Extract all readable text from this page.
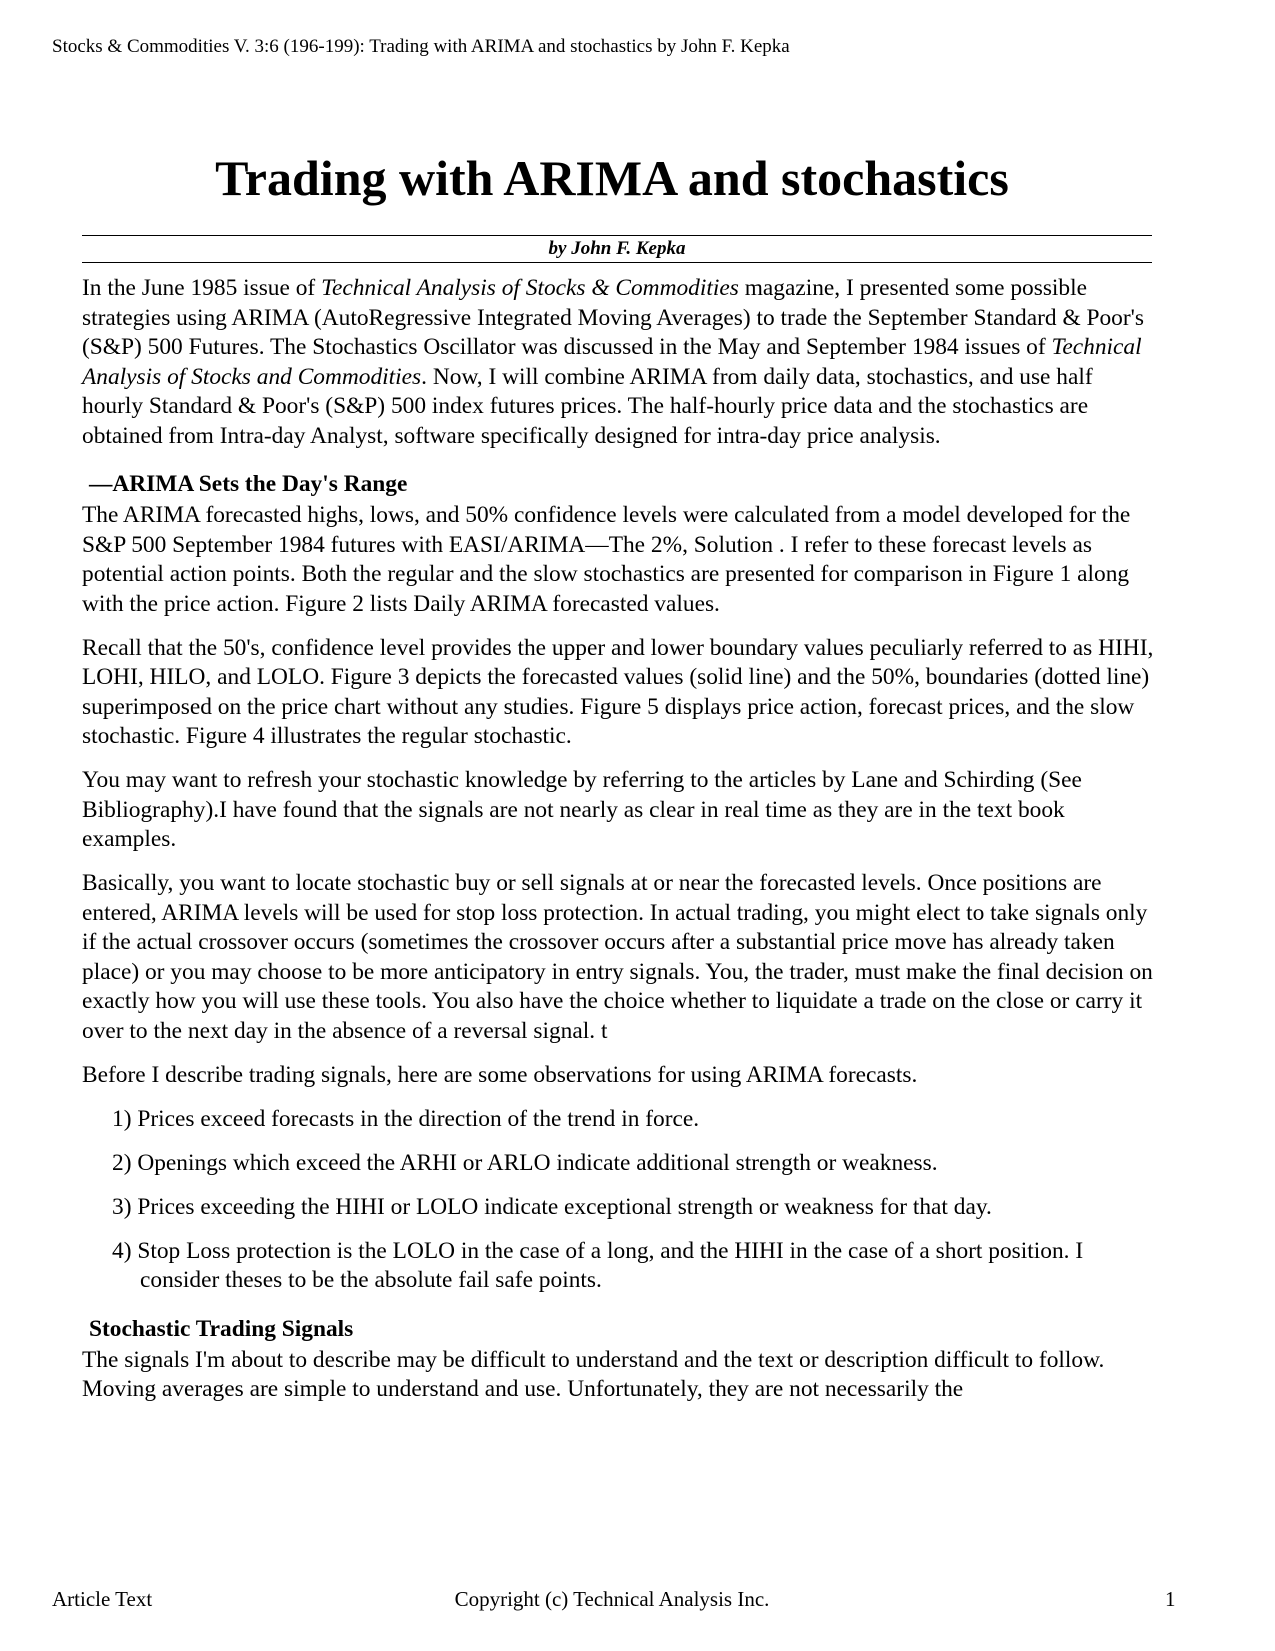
Stocks & Commodities V. 3:6 (196-199): Trading with ARIMA and stochastics by John F. Kepka
Trading with ARIMA and stochastics
by John F. Kepka

In the June 1985 issue of Technical Analysis of Stocks & Commodities magazine, I presented some possible strategies using ARIMA (AutoRegressive Integrated Moving Averages) to trade the September Standard & Poor's (S&P) 500 Futures. The Stochastics Oscillator was discussed in the May and September 1984 issues of Technical Analysis of Stocks and Commodities. Now, I will combine ARIMA from daily data, stochastics, and use half hourly Standard & Poor's (S&P) 500 index futures prices. The half-hourly price data and the stochastics are obtained from Intra-day Analyst, software specifically designed for intra-day price analysis.

—ARIMA Sets the Day's Range

The ARIMA forecasted highs, lows, and 50% confidence levels were calculated from a model developed for the S&P 500 September 1984 futures with EASI/ARIMA—The 2%, Solution . I refer to these forecast levels as potential action points. Both the regular and the slow stochastics are presented for comparison in Figure 1 along with the price action. Figure 2 lists Daily ARIMA forecasted values.

Recall that the 50's, confidence level provides the upper and lower boundary values peculiarly referred to as HIHI, LOHI, HILO, and LOLO. Figure 3 depicts the forecasted values (solid line) and the 50%, boundaries (dotted line) superimposed on the price chart without any studies. Figure 5 displays price action, forecast prices, and the slow stochastic. Figure 4 illustrates the regular stochastic.

You may want to refresh your stochastic knowledge by referring to the articles by Lane and Schirding (See Bibliography).I have found that the signals are not nearly as clear in real time as they are in the text book examples.

Basically, you want to locate stochastic buy or sell signals at or near the forecasted levels. Once positions are entered, ARIMA levels will be used for stop loss protection. In actual trading, you might elect to take signals only if the actual crossover occurs (sometimes the crossover occurs after a substantial price move has already taken place) or you may choose to be more anticipatory in entry signals. You, the trader, must make the final decision on exactly how you will use these tools. You also have the choice whether to liquidate a trade on the close or carry it over to the next day in the absence of a reversal signal. t

Before I describe trading signals, here are some observations for using ARIMA forecasts.

1) Prices exceed forecasts in the direction of the trend in force.
2) Openings which exceed the ARHI or ARLO indicate additional strength or weakness.
3) Prices exceeding the HIHI or LOLO indicate exceptional strength or weakness for that day.
4) Stop Loss protection is the LOLO in the case of a long, and the HIHI in the case of a short position. I consider theses to be the absolute fail safe points.
Stochastic Trading Signals

The signals I'm about to describe may be difficult to understand and the text or description difficult to follow. Moving averages are simple to understand and use. Unfortunately, they are not necessarily the

Article Text	Copyright (c) Technical Analysis Inc.	1
